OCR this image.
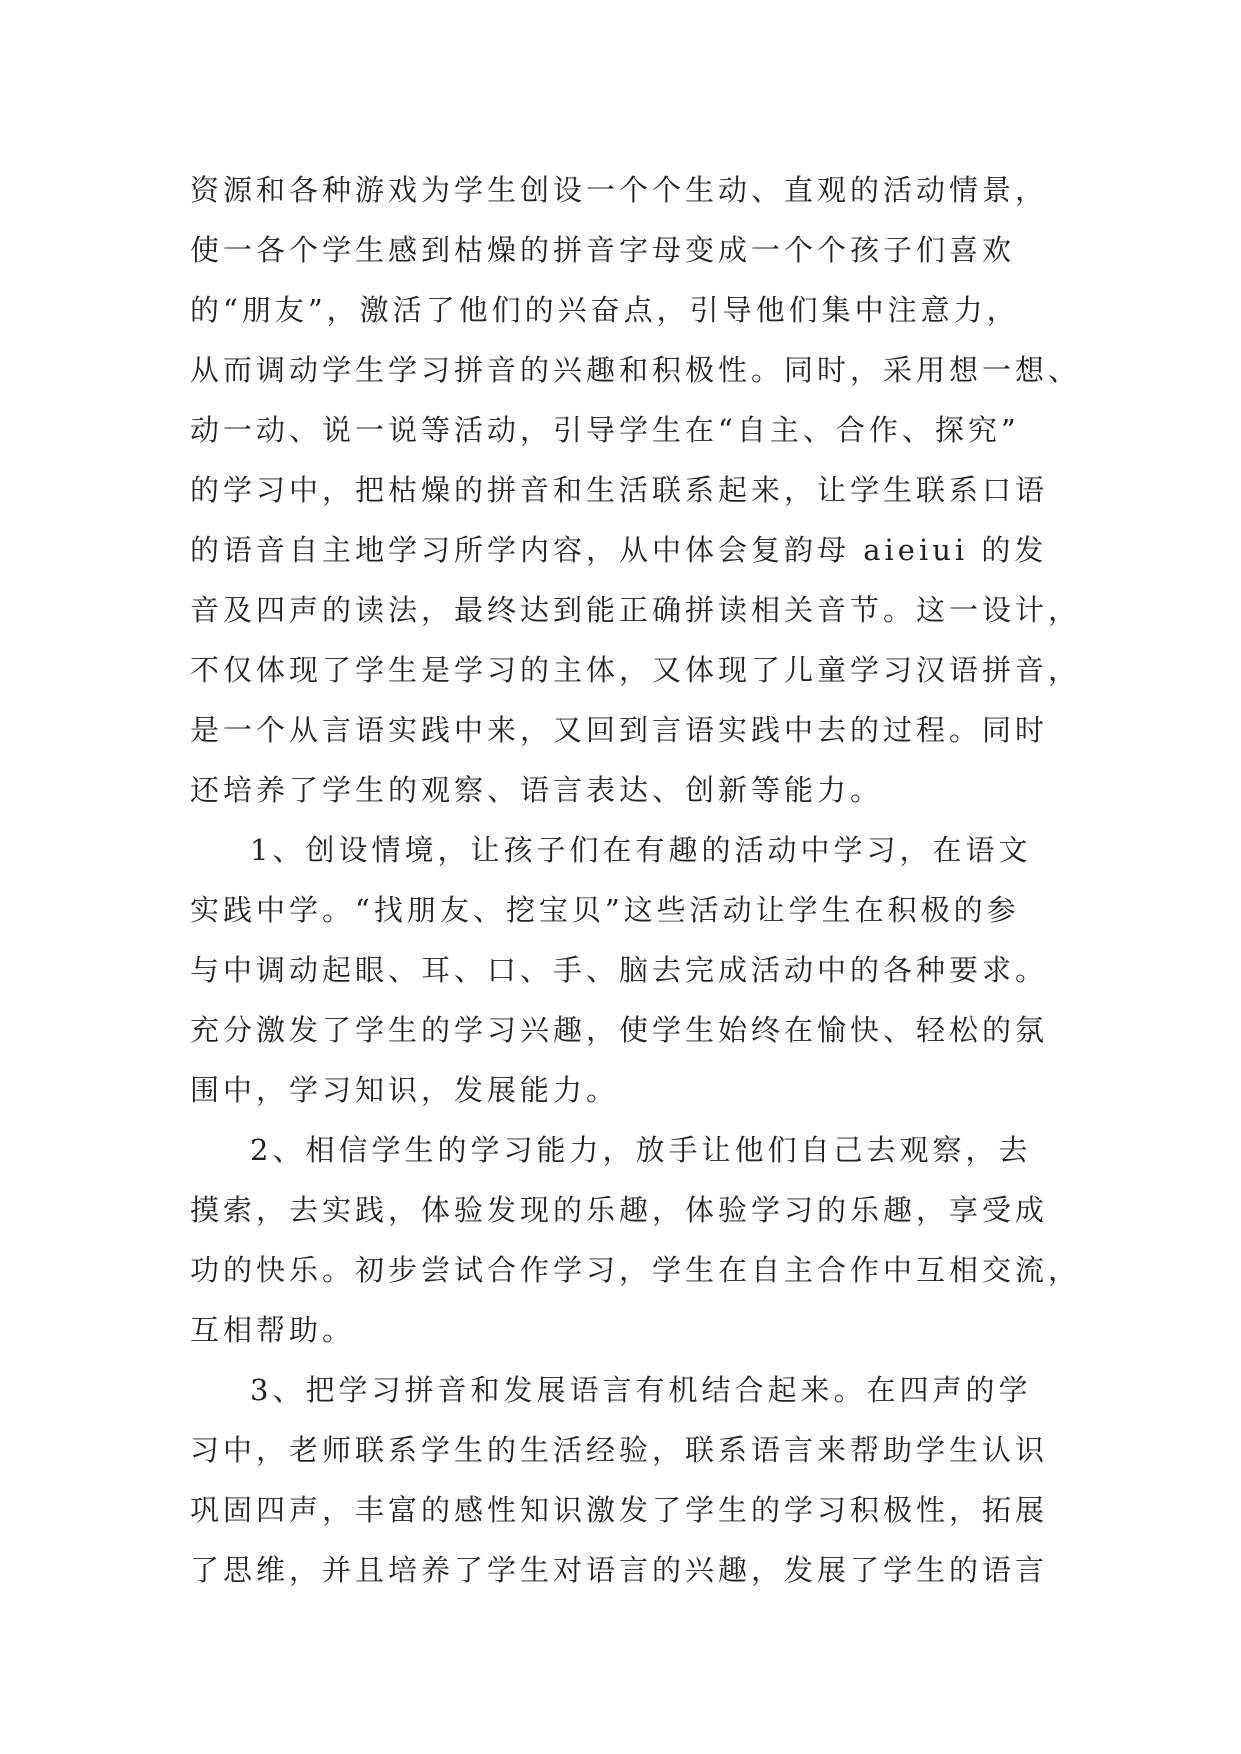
资源和各种游戏为学生创设一个个生动、直观的活动情景，
使一各个学生感到枯燥的拼音字母变成一个个孩子们喜欢
的“朋友”，激活了他们的兴奋点，引导他们集中注意力，
从而调动学生学习拼音的兴趣和积极性。同时，采用想一想、
动一动、说一说等活动，引导学生在“自主、合作、探究”
的学习中，把枯燥的拼音和生活联系起来，让学生联系口语
的语音自主地学习所学内容，从中体会复韵母 aieiui 的发
音及四声的读法，最终达到能正确拼读相关音节。这一设计，
不仅体现了学生是学习的主体，又体现了儿童学习汉语拼音，
是一个从言语实践中来，又回到言语实践中去的过程。同时
还培养了学生的观察、语言表达、创新等能力。
1、创设情境，让孩子们在有趣的活动中学习，在语文
实践中学。“找朋友、挖宝贝”这些活动让学生在积极的参
与中调动起眼、耳、口、手、脑去完成活动中的各种要求。
充分激发了学生的学习兴趣，使学生始终在愉快、轻松的氛
围中，学习知识，发展能力。
2、相信学生的学习能力，放手让他们自己去观察，去
摸索，去实践，体验发现的乐趣，体验学习的乐趣，享受成
功的快乐。初步尝试合作学习，学生在自主合作中互相交流，
互相帮助。
3、把学习拼音和发展语言有机结合起来。在四声的学
习中，老师联系学生的生活经验，联系语言来帮助学生认识
巩固四声，丰富的感性知识激发了学生的学习积极性，拓展
了思维，并且培养了学生对语言的兴趣，发展了学生的语言
